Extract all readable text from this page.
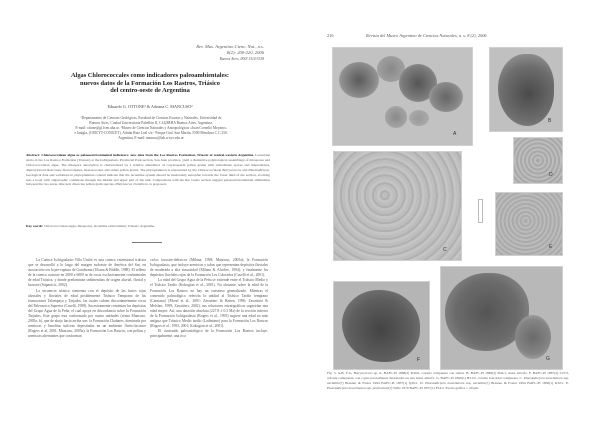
Rev. Mus. Argentino Cienc. Nat., n.s.
8(2): 209-220, 2006
Buenos Aires, ISSN 1514-5158
Algas Chlorococcales como indicadores paleoambientales:
nuevos datos de la Formación Los Rastros, Triásico
del centro-oeste de Argentina
Eduardo G. OTTONE¹ & Adriana C. MANCUSO²
¹Departamento de Ciencias Geológicas, Facultad de Ciencias Exactas y Naturales, Universidad de
Buenos Aires, Ciudad Universitaria Pabellón II, C1428EHA Buenos Aires, Argentina.
E-mail: ottone@gl.fcen.uba.ar. ²Museo de Ciencias Naturales y Antropológicas «Juan Cornelio Moyano»
e Ianigla, (CRICYT-CONICET), Adrián Ruiz Leal s/n - Parque Gral. San Martín, 5500 Mendoza C.C.330,
Argentina, E-mail: amancu@lab.cricyt.edu.ar
Abstract: Chlorococcalean algae as palaeoenvironmental indicators: new data from the Los Rastros Formation, Triassic of central-western Argentina. Lacustrine strata of the Los Rastros Formation (Triassic) at the Ischigualasto Provincial Park section, San Juan province, yield a distinctive palynological assemblage of miospores and Chlorococcalean algae. The miospore association is characterized by a relative abundance of corystosperm pollen grains with subordinate spores and inaperturates, diploxylonoid disaccates, monocolpates, monosaccates and striate pollen grains. The phytoplankton is represented by the Chlorococcalean Botryococcus and Plaesiodictyon. Geological data and variations in phytoplankton content indicate that the lacustrine system should be moderately eutrophic towards the lower third of the section, evolving into a body with oligotrophic conditions through the middle and upper part of the unit. Comparisons with the Río Gualo section suggest palaeoenvironmental similarities between the two areas. One new disaccate pollen grain species, Platysaccus rhombicus, is proposed.
Key words: Chlorococcalean algae, miospores, lacustrine environment, Triassic, Argentina.

La Cuenca Ischigualasto-Villa Unión es una cuenca extensional triásica que se desarrolló a lo largo del margen sudoeste de América del Sur, en asociación con la pre-ruptura de Gondwana (Uliana & Biddle, 1988). El relleno de la cuenca consiste en 2000 a 6000 m de rocas exclusivamente continentales de edad Triásica, y donde predominan sedimentitas de origen aluvial, fluvial y lacustre (Stipanicic, 2002).

La secuencia triásica comienza con el depósito de las facies rojas aluviales y fluviales de edad posiblemente Triásico Temprano de las formaciones Talampaya y Tarjados, las cuales cubren discordantemente rocas del Paleozoico Superior (Caselli, 1998). Sucesivamente continúan los depósitos del Grupo Agua de la Peña, el cual apoya en discordancia sobre la Formación Tarjados. Este grupo esta conformado por cuatro unidades (sensu Mancuso, 2005a, b), que de abajo hacia arriba son: la Formación Chañares, dominada por areniscas y limolitas tufíceas depositadas en un ambiente fluvio-lacustre (Rogers et al, 2001; Mancuso, 2005a); la Formación Los Rastros, con pelitas y areniscas alternantes que conforman

ciclos lacustre-deltaicos (Milana, 1998; Mancuso, 2005a); la Formación Ischigualasto, que incluye areniscas y tobas que representan depósitos fluviales de moderada a alta sinuosidad (Milana & Alcober, 1994); y finalmente los depósitos fluviales rojos de la Formación Los Colorados (Caselli et al., 2001).

La edad del Grupo Agua de la Peña se extiende entre el Triásico Medio y el Triásico Tardío (Kokogian et al., 2001). No obstante, sobre la edad de la Formación Los Rastros no hay un consenso generalizado. Mientras el contenido palinológico referiría la unidad al Triásico Tardío temprano (Carniano) (Morel et al., 2001; Zavattieri & Batten, 1996; Zavattieri & Melchor, 1999; Zavattieri, 2002), sus relaciones estratigráficas sugerirían una edad mayor. Así, una datación absoluta (227.8 ± 0.3 Ma) de la sección inferior de la Formación Ischigualasto (Rogers et al., 1993) sugiere una edad no más antigua que Triásico Medio tardío (Ladiniano) para la Formación Los Rastros (Rogers et al., 1993, 2001; Kokogian et al., 2001).

El contenido paleontológico de la Formación Los Rastros incluye, principalmente, una rica

216	Revista del Museo Argentino de Ciencias Naturales, n. s. 8 (2), 2006
A
B
C
D
E
F	G
Fig. 5. A-B, F-G, Botryococcus sp. A, BAFC-Pl 1868(2) R34/0, colonia compuesta con ramas. B, BAFC-Pl 1869(2) B42/1, masa amorfa. F, BAFC-Pl 1867(2) C27/2, colonia compuesta, con copas parcialmente fusionadas en una masa amorfa. G, BAFC-Pl 1869(1) H21/2, colonia botroidal compuesta. C. Plaesiodictyon mosellanum ssp. variabile(?) Brenner & Foster 1994 BAFC-Pl 1857(1) Q26/1. D. Plaesiodictyon mosellanum ssp. variabile(?) Brenner & Foster 1994 BAFC-Pl 1856(1) K32/1. E. Plaesiodictyon mosellanum ssp. perforatum(?) Wille 1970 BAFC-Pl 1857(1) F54/2. Escala gráfica = 20 µm.
